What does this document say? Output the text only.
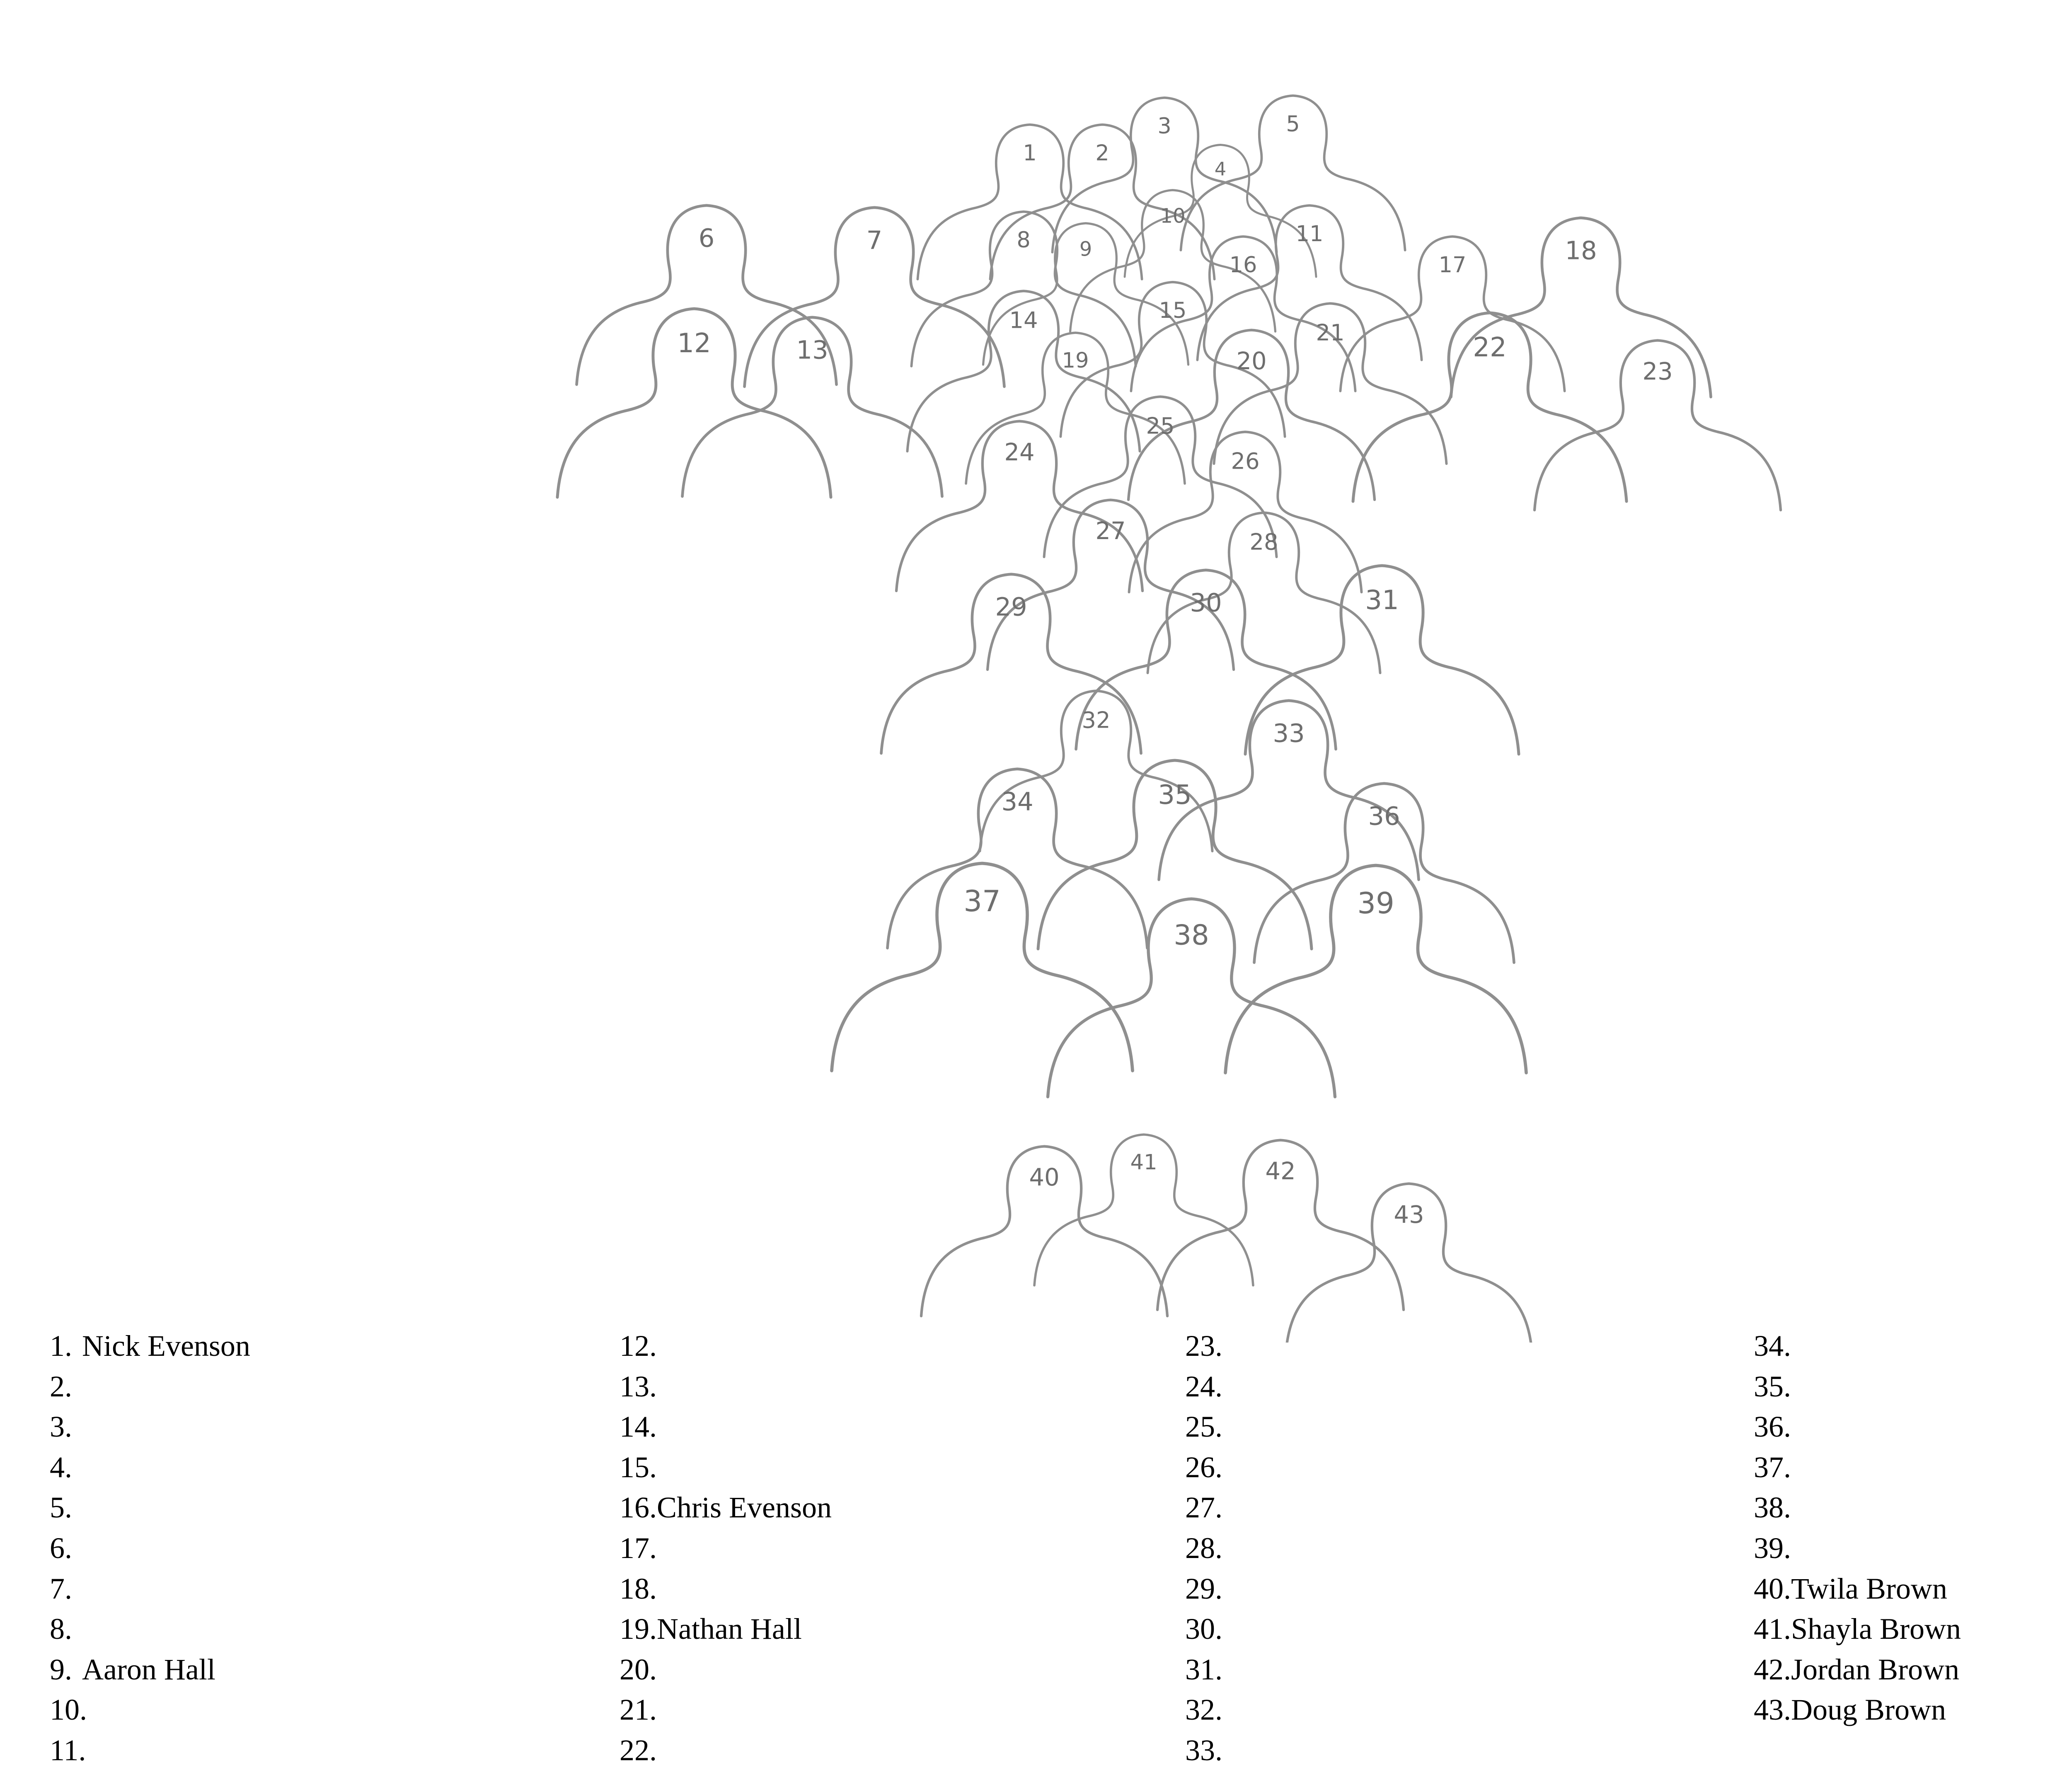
1 2
3
4
5
6	7	8 9
10
11
12	13
14	15
16	17	18
19	20
21	22
23
24
25
26
27	28
29	30	31
32	33
34	35
36
37
38
39
40
41	42
43
1. Nick Evenson
2.
3.
4.
5.
6.
7.
8.
9. Aaron Hall
10.
11.
12.
13.
14.
15.
16.Chris Evenson
17.
18.
19.Nathan Hall
20.
21.
22.
23.
24.
25.
26.
27.
28.
29.
30.
31.
32.
33.
34.
35.
36.
37.
38.
39.
40.Twila Brown
41.Shayla Brown
42.Jordan Brown
43.Doug Brown
